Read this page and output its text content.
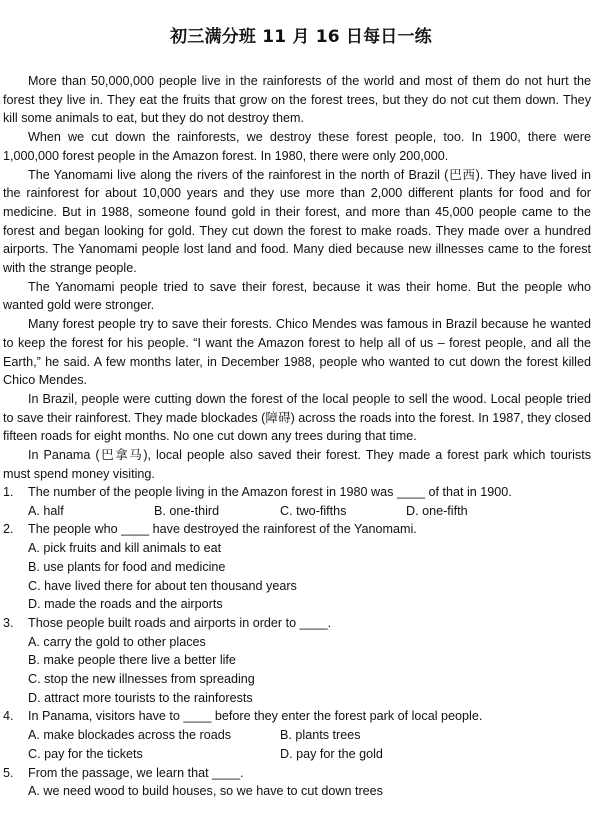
初三满分班 11 月 16 日每日一练

More than 50,000,000 people live in the rainforests of the world and most of them do not hurt the forest they live in. They eat the fruits that grow on the forest trees, but they do not cut them down. They kill some animals to eat, but they do not destroy them.

When we cut down the rainforests, we destroy these forest people, too. In 1900, there were 1,000,000 forest people in the Amazon forest. In 1980, there were only 200,000.

The Yanomami live along the rivers of the rainforest in the north of Brazil (巴西). They have lived in the rainforest for about 10,000 years and they use more than 2,000 different plants for food and for medicine. But in 1988, someone found gold in their forest, and more than 45,000 people came to the forest and began looking for gold. They cut down the forest to make roads. They made over a hundred airports. The Yanomami people lost land and food. Many died because new illnesses came to the forest with the strange people.

The Yanomami people tried to save their forest, because it was their home. But the people who wanted gold were stronger.

Many forest people try to save their forests. Chico Mendes was famous in Brazil because he wanted to keep the forest for his people. “I want the Amazon forest to help all of us – forest people, and all the Earth,” he said. A few months later, in December 1988, people who wanted to cut down the forest killed Chico Mendes.

In Brazil, people were cutting down the forest of the local people to sell the wood. Local people tried to save their rainforest. They made blockades (障碍) across the roads into the forest. In 1987, they closed fifteen roads for eight months. No one cut down any trees during that time.

In Panama (巴拿马), local people also saved their forest. They made a forest park which tourists must spend money visiting.

1. The number of the people living in the Amazon forest in 1980 was ____ of that in 1900.
A. half	B. one-third	C. two-fifths	D. one-fifth
2. The people who ____ have destroyed the rainforest of the Yanomami.
A. pick fruits and kill animals to eat
B. use plants for food and medicine
C. have lived there for about ten thousand years
D. made the roads and the airports
3. Those people built roads and airports in order to ____.
A. carry the gold to other places
B. make people there live a better life
C. stop the new illnesses from spreading
D. attract more tourists to the rainforests
4. In Panama, visitors have to ____ before they enter the forest park of local people.
A. make blockades across the roads	B. plants trees
C. pay for the tickets	D. pay for the gold
5. From the passage, we learn that ____.
A. we need wood to build houses, so we have to cut down trees
